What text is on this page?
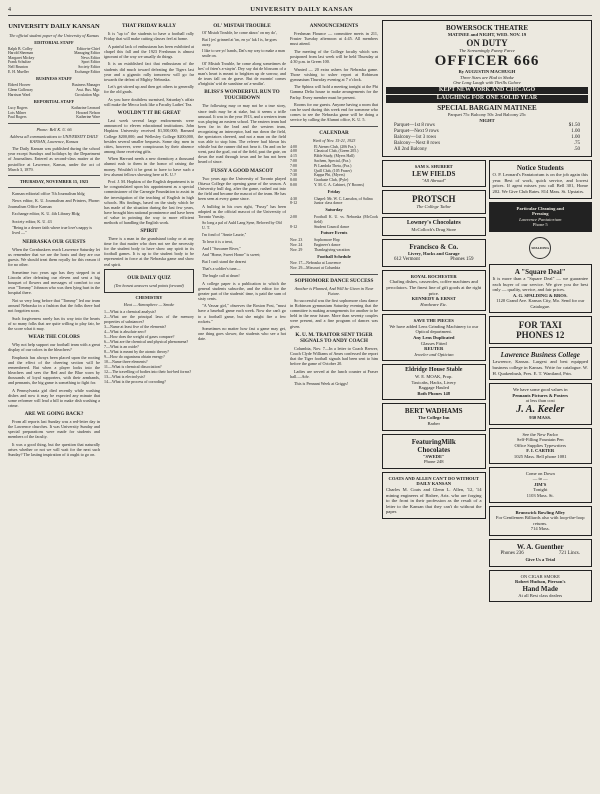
4	UNIVERSITY DAILY KANSAN
UNIVERSITY DAILY KANSAN
The official student paper of the University of Kansas
EDITORIAL STAFF
Ralph B. Colley	Editor-in-Chief
Harold Sherman	Managing Editor
Margaret Mickey	News Editor
Frank Schultze	Sport Editor
Nell Brunton	Society Editor
E. H. Mueller	Exchange Editor
BUSINESS STAFF
Eldred Hoover	Business Manager
Glenn Galloway	Asst. Bus. Mgr.
Harrison Ward	Circulation Mgr.
REPORTIAL STAFF
Lucy Rogers	Katharine Leonard
Lois Milner	Howard Nelson
Paul Rogers	Katherine Ware
Phone: Bell K. U. 66
Address all communications to UNIVERSITY DAILY KANSAN, Lawrence, Kansas

The Daily Kansan was published during the school year except Sundays and holidays by the Department of Journalism. Entered as second-class matter at the postoffice at Lawrence, Kansas, under the act of March 3, 1879.

THURSDAY, NOVEMBER 15, 1923

Kansan editorial office 7th Journalism bldg

News editor, K. U. Journalism and Printers, Phone: Journalism Office Kansan

Exchange editor, K. U. 4th Library Bldg

Society editor, K. U. 43

"Being in a dearer faith where true love's nappy is lived —"
NEBRASKA OUR GUESTS

When the Cornhuskers reach Lawrence Saturday let us remember that we are the hosts and they are our guests. We should treat them royally for this reason if for no other.

Sometime two years ago has they stepped in at Lincoln after defeating our eleven and sent a big bouquet of flowers and messages of comfort to our own "Tommy" Johnson who was then lying hurt in the hospital there.

Not so very long before that "Tommy" led our team around Nebraska in a fashion that the folks there had not forgotten soon.

Such forgiveness rarely has its way into the hearts of so many folks that are quite willing to play fair, be the score what it may.

WEAR THE COLORS

Why not help support our football team with a great display of our colors in the bleachers?

Emphasis has always been placed upon the rooting and the effect of the cheering section will be remembered. But when a player looks into the bleachers and sees the Red and the Blue worn by thousands of loyal supporters, with their armbands, and pennants, the big game is something to fight for.

A Pennsylvania girl died recently while washing dishes and now it may be expected any minute that some reformer will lead a bill to make dish washing a crime.

ARE WE GOING BACK?

From all reports last Sunday was a red-letter day in the Lawrence churches. It was University Sunday and special preparations were made for students and members of the faculty.

It was a good thing, but the question that naturally arises whether or not we will wait for the next such Sunday? The lasting inspiration of it ought to go on.

THAT FRIDAY RALLY

It is "up to" the students to have a football rally Friday that will make cutting classes feel at home.

A painful lack of enthusiasm has been exhibited at chapel this fall and the 1923 Freshman is almost ignorant of the way we usually do things.

It is an established fact that enthusiasm of the students did much toward defeating the Tigers last year and a gigantic rally tomorrow will go far towards the defeat of Mighty Nebraska.

Let's get stirred up and then get others to generally for the old grads.

As you have doubtless surmised, Saturday's affair will make the Mecca look like a Faculty Ladies' Tea.

WOULDN'T IT BE GREAT

Last week several large endowments were announced to eleven educational institutions. John Hopkins University received $1,500,000; Barnard College $200,000; and Wellesley College $200,000, besides several smaller bequests. Some day, men in cities, however, were conspicuous by their absence among those receiving gifts.

When Harvard needs a new dormitory a thousand alumni rush to them in the honor of raising the money. Wouldn't it be great to have to have such a few alumni fellows showing here at K. U.?

Prof. J. M. Hopkins of the English department is to be congratulated upon his appointment as a special commissioner of the Carnegie Foundation to assist in the investigation of the teaching of English in high schools. His findings, based on the study which he has made of the situation during the last few years, have brought him national prominence and have been of value in pointing the way to more efficient methods of handling the English work.

SPIRIT

There is a man in the grandstand today or at any time for that matter who does not see the necessity for the student body to have show any spirit in its football games. It is up to the student body to be represented in force at the Nebraska game and show real spirit.

OUR DAILY QUIZ
(Ten honest answers send points forward)
CHEMISTRY
Heat — Atmosphere — Smoke
1—What is a chemical analysis?
2—What are the principal laws of the memory properties of substances?
3—Name at least five of the elements?
4—What is absolute zero?
5—How does the weight of gases compare?
6—What are the chemical and physical phenomena?
7—What is an oxide?
8—What is meant by the atomic theory?
9—How do organisms obtain energy?
10—Name three elements?
11—What is chemical dissociation?
12—The travelling of bodies into their hot-bed forms?
13—What is electrolysis?
14—What is the process of corroding?
OL' MISTAH TROUBLE
Ol' Mistah Trouble, he come aknoc' on my do',
But I jes' grinned at 'im, en yo' lak I is, he goes away.
I like to see yo' hands, Dat's my way to make a man smile on.

Ol' Mistah Trouble, he come along sometimes de bes' of frien's a-stayin'. Dey say dat de blossom of a man's heart is meant to brighten up de sorrow, and de tears fall on de grave. But de mornin' comes a'brightin' wid de sunshine an' a-smilin'.

BLISS'S WONDERFUL RUN TO TOUCHDOWN

The following may or may not be a true story, since truth may be at stake, but it seems a trifle unusual. It was in the year 1913, and a western team was playing an eastern school. The eastern team had been far in the lead and the western team, recognizing an interceptor, had run down the field, the spectators cheered, and not a man on the field was able to stop him. The referee had blown his whistle but the runner did not hear it. On and on he went, past the goal, out of the field, past the gate, on down the road through town and he has not been heard of since.

FUSSY A GOOD MASCOT

Two years ago the University of Toronto played Ottawa College the opening game of the season. A University bull dog, after the game, rushed out into the field and became the mascot of the team. He has been seen at every game since.

A bulldog in his own right, "Fussy" has been adopted as the official mascot of the University of Toronto Varsity.

So long a pal of Auld Lang Syne, Beloved by Old U. T.
I'm fond of "Annie Laurie,"
To hear it is a treat,
And I "Suwanee River,"
And "Home, Sweet Home" is sweet;
But I can't stand the dearest
That's a soldier's tune—
The bugle call at dawn!

A college paper is a publication to which the general students subscribe, and the editor for the greater part of the students' time, is paid the sum of sixty cents.

"A Vassar girl," observes the Boston Post, "must have a baseball game each week. Now she can't go to a football game, but she might fire a few rockets."

Sometimes no matter how fast a game may get, one thing goes slower, the students who see a hot date.

ANNOUNCEMENTS

Freshman Flounce — committee meets in 211, Frasier Tuesday afternoon at 4:45. All members must attend.

The meeting of the College faculty which was postponed from last week will be held Thursday at 4:30 p.m. in Green 100.

Wanted — 20 extra ushers for Nebraska game. Those wishing to usher report at Robinson gymnasium Thursday evening at 7 o'clock.

The Sphinx will hold a meeting tonight at the Phi Gamma Delta house to make arrangements for the Parlay. Every member must be present.

Rooms for our guests. Anyone having a room that can be used during this week end for someone who comes to see the Nebraska game will be doing a service by calling the Alumni office, K. U. 5.

CALENDAR
Week of Nov. 15-21, 1923
4:00	El Ateneo Club, (206 Fra.)
4:00	Classical Club, (Green 205.)
4:15	Bible Study, (Myers Hall)
7:00	Sachem, Special, (Fra.)
7:00	Pi Lambda Theta, (Fra.)
7:30	Quill Club, (105 Fraser)
7:30	Kappa Phi, (Myers)
8:00	Graduate Club, (Pyle)
8:00	Y. M. C. A. Cabinet, (Y Rooms)
Friday
4:30	Chapel: Mr. W. C. Lansdon, of Salina
8-12	Junior class dance
Saturday
2:00	Football K. U. vs. Nebraska (McCook field)
8-12	Student Council dance
Future Events
Nov. 23	Sophomore Hop
Nov. 24	Engineer's dance
Nov. 29	Thanksgiving vacation
Football Schedule
Nov. 17—Nebraska at Lawrence
Nov. 29—Missouri at Columbia
SOPHOMORE DANCE SUCCESS
Another is Planned, And Will be Given in Near Future.

So successful was the first sophomore class dance in Robinson gymnasium Saturday evening that the committee is making arrangements for another to be held in the near future. More than seventy couples were present, and a fine program of dances was given.

K. U. M. TRAITOR SENT TIGER SIGNALS TO ANDY COACH

Columbia, Nov. 7—In a letter to Coach Brewer, Coach Clyde Williams of Ames confessed the report that the Tiger football signals had been sent to him before the game of October 20.

Ladies are served at the lunch counter at Fraser hall.—Adv.

This is Pennant Week at Griggs!

BOWERSOCK THEATRE
MATINEE and NIGHT, WED. NOV. 19
ON DUTY
The Screamingly Funny Farce
OFFICER 666
By AUGUSTIN MACHUGH
Three Sizes are Had to Shake
One Long Laugh with Thrills Galore
KEPT NEW YORK AND CHICAGO
LAUGHING FOR ONE SOLID YEAR
SPECIAL BARGAIN MATINEE
Parquet 75c Balcony 50c 2nd Balcony 25c
NIGHT
Parquet—1st 8 rows	$1.50
Parquet—Next 9 rows	1.00
Balcony—1st 3 rows	1.00
Balcony—Next 8 rows	.75
All 2nd Balcony	.50
SAM S. SHUBERT
LEW FIELDS
"All Abroad"
PROTSCH
The College Tailor
Lowney's Chocolates
McColloch's Drug Store
Francisco & Co.
Livery, Hacks and Garage
612 Vermont	Phones 159
ROYAL ROCHESTER
Chafing dishes, casseroles, coffee machines and percolators. The finest line of gift goods at the right price.
KENNEDY & ERNST
Hardware Etc.
SAVE THE PIECES
We have added Lens Grinding Machinery to our Optical department.
Any Lens Duplicated
Glasses Fitted
REUTER
Jeweler and Optician
Eldridge House Stable
W. E. MOAK, Prop.
Taxicabs, Hacks, Livery
Baggage Hauled
Both Phones 148
BERT WADHAMS
The College Inn
Barber
FeaturingMilk
Chocolates
"SWEDE"
Phone 248
COATS AND ALLEN CAN'T DO WITHOUT DAILY KANSAN
Charles M. Coats and Glenn L. Allen, '12, '14 mining engineers of Bisbee, Ariz. who are forging to the front in their profession as the result of a letter to the Kansan that they can't do without the paper.
Notice Students
O. P. Leonard's Pantatorium is on the job again this year. Best of work, quick service, and lowest prices. If agent misses you call Bell 301, Home 202. We Give Club Rates. 814 Mass. St. Upstairs.
Particular Cleaning and
Pressing
Lawrence Pantatorium
Phone 5
SPALDING
A "Square Deal"
It is more than a "Square Deal" — we guarantee each buyer of our service. We give you the best only — quality, service, and fair prices.
A. G. SPALDING & BROS.
1120 Grand Ave. Kansas City, Mo. Send for our Catalogue.
FOR TAXI
PHONES 12
Lawrence Business College
Lawrence, Kansas. Largest and best equipped business college in Kansas. Write for catalogue. W. H. Quakenbush, Pres. E. T. Wantland, Prin.
We have some good values in
Pennants Pictures & Posters
at less than cost
J. A. Keeler
930 MASS.
See the New Parlor
Self-Filling Fountain Pen
Office Supplies Typewriters
F. I. CARTER
1025 Mass. Bell phone 1081
Come on Down
— to —
JIM'S
Tonight
1103 Mass. St.
Brunswick Bowling Alley
For Gentlemen Billiards also with loop-the-loop returns.
714 Mass.
W. A. Guenther
Phones 236	721 Lincs.
Give Us a Trial
ON CIGAR SMOKE
Robert Hudson, Pierson's
Hand Made
At all Best class dealers
